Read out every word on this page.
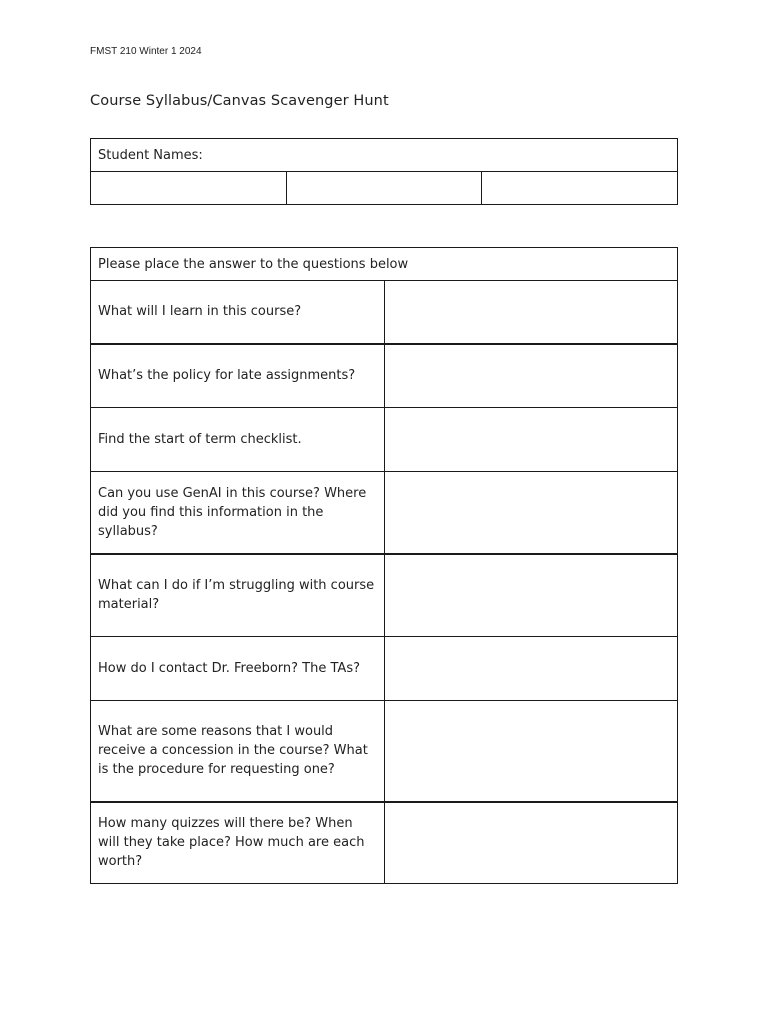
FMST 210 Winter 1 2024
Course Syllabus/Canvas Scavenger Hunt
Student Names:

Please place the answer to the questions below	
What will I learn in this course?	
What’s the policy for late assignments?	
Find the start of term checklist.	
Can you use GenAI in this course? Where did you find this information in the syllabus?	
What can I do if I’m struggling with course material?	
How do I contact Dr. Freeborn? The TAs?	
What are some reasons that I would receive a concession in the course? What is the procedure for requesting one?	
How many quizzes will there be? When will they take place? How much are each worth?	
